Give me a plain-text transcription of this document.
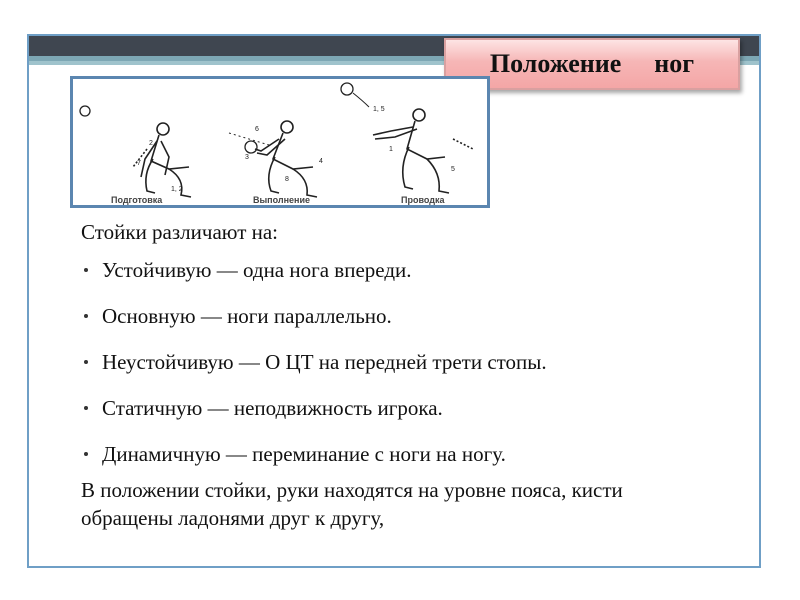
Положение  ног
2
7
1, 2
6
3
4
8
1, 5
5
1
Подготовка	Выполнение	Проводка

Стойки различают на:

Устойчивую — одна нога впереди.
Основную — ноги параллельно.
Неустойчивую — О ЦТ на передней трети стопы.
Статичную — неподвижность игрока.
Динамичную — переминание с ноги на ногу.

В положении стойки, руки находятся на уровне пояса, кисти обращены ладонями друг к другу,
